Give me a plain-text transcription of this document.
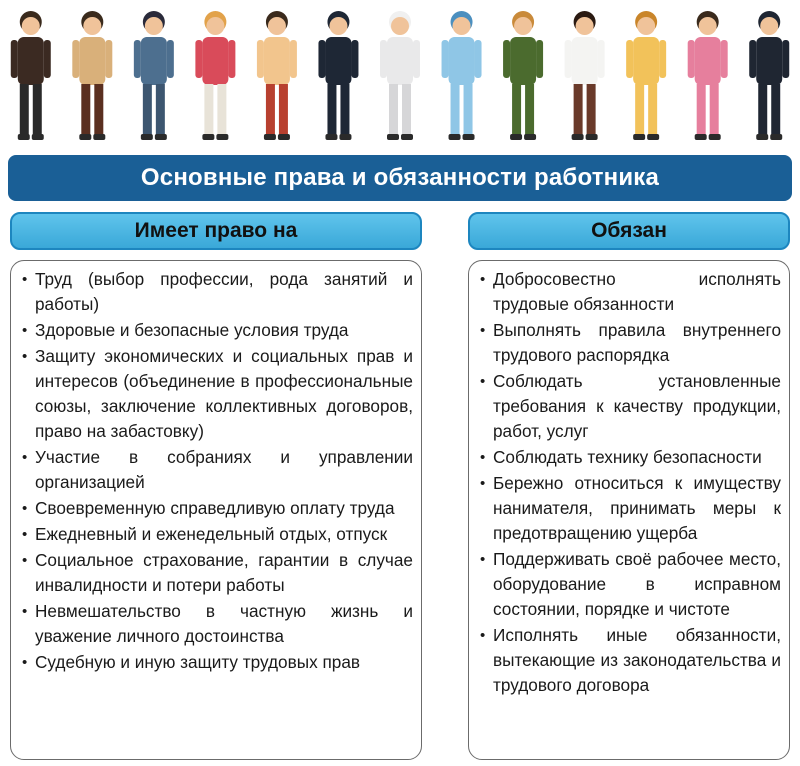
Основные права и обязанности работника
Имеет право на	Обязан
• Труд (выбор профессии, рода занятий и работы)
• Здоровые и безопасные условия труда
• Защиту экономических и социальных прав и интересов (объединение в профессиональные союзы, заключение коллективных договоров, право на забастовку)
• Участие в собраниях и управлении организацией
• Своевременную справедливую оплату труда
• Ежедневный и еженедельный отдых, отпуск
• Социальное страхование, гарантии в случае инвалидности и потери работы
• Невмешательство в частную жизнь и уважение личного достоинства
• Судебную и иную защиту трудовых прав
• Добросовестно исполнять трудовые обязанности
• Выполнять правила внутреннего трудового распорядка
• Соблюдать установленные требования к качеству продукции, работ, услуг
• Соблюдать технику безопасности
• Бережно относиться к имуществу нанимателя, принимать меры к предотвращению ущерба
• Поддерживать своё рабочее место, оборудование в исправном состоянии, порядке и чистоте
• Исполнять иные обязанности, вытекающие из законодательства и трудового договора
